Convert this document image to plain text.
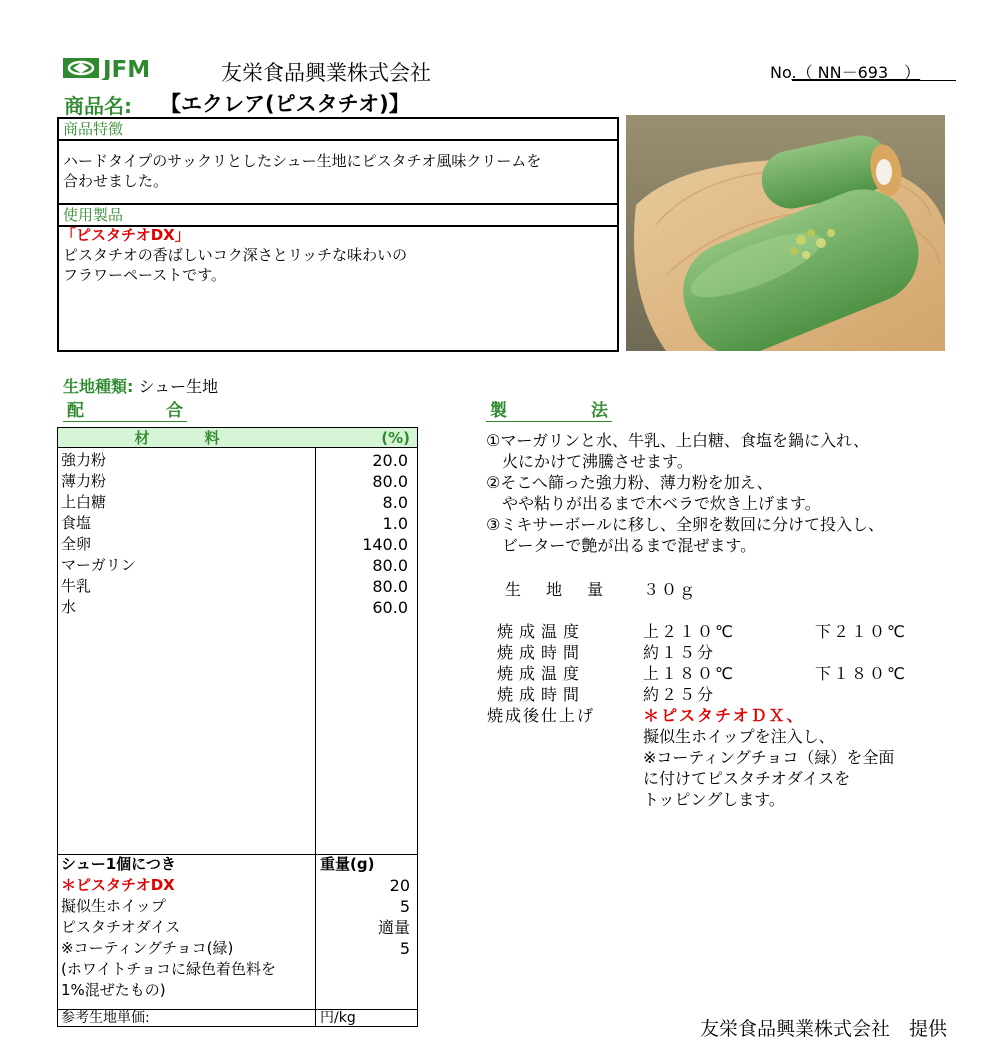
JFM	友栄食品興業株式会社	No.（ NN－693　）
商品名: 【エクレア(ピスタチオ)】
商品特徴
ハードタイプのサックリとしたシュー生地にピスタチオ風味クリームを
合わせました。
使用製品
「ピスタチオDX」
ピスタチオの香ばしいコク深さとリッチな味わいの
フラワーペーストです。
生地種類: シュー生地
配	合	製	法
材　料	(%)
強力粉	20.0
薄力粉	80.0
上白糖	8.0
食塩	1.0
全卵	140.0
マーガリン	80.0
牛乳	80.0
水	60.0
シュー1個につき	重量(g)
＊ピスタチオDX	20
擬似生ホイップ	5
ピスタチオダイス	適量
※コーティングチョコ(緑)	5
(ホワイトチョコに緑色着色料を
1%混ぜたもの)
参考生地単価:	円/kg
①マーガリンと水、牛乳、上白糖、食塩を鍋に入れ、
　火にかけて沸騰させます。
②そこへ篩った強力粉、薄力粉を加え、
　やや粘りが出るまで木ベラで炊き上げます。
③ミキサーボールに移し、全卵を数回に分けて投入し、
　ビーターで艶が出るまで混ぜます。
生 地 量 ３０ｇ
焼成温度	上２１０℃	下２１０℃
焼成時間	約１５分
焼成温度	上１８０℃	下１８０℃
焼成時間	約２５分
焼成後仕上げ	＊ピスタチオＤＸ、
擬似生ホイップを注入し、
※コーティングチョコ（緑）を全面
に付けてピスタチオダイスを
トッピングします。
友栄食品興業株式会社　提供
